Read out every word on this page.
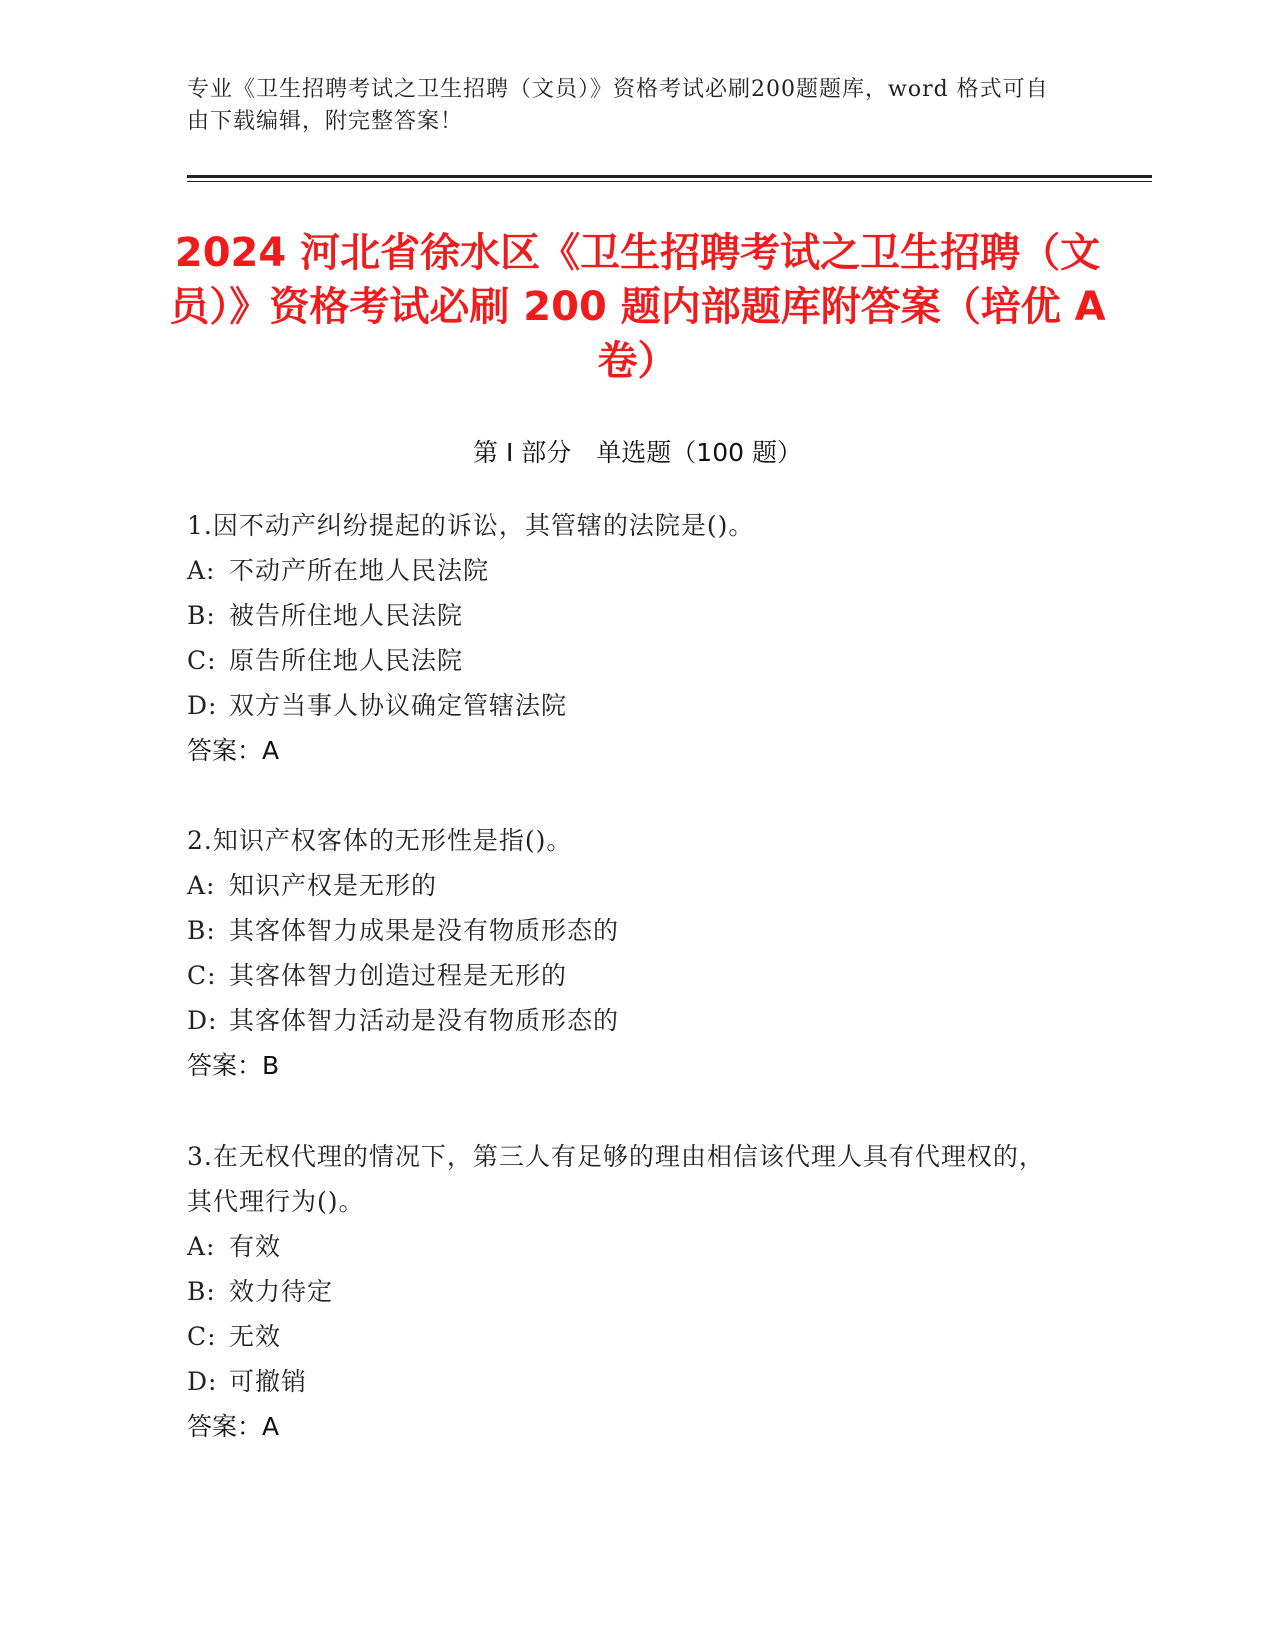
专业《卫生招聘考试之卫生招聘（文员）》资格考试必刷200题题库，word 格式可自由下载编辑，附完整答案！
2024 河北省徐水区《卫生招聘考试之卫生招聘（文员）》资格考试必刷 200 题内部题库附答案（培优 A 卷）
第 I 部分　单选题（100 题）
1.因不动产纠纷提起的诉讼，其管辖的法院是()。
A: 不动产所在地人民法院
B: 被告所住地人民法院
C: 原告所住地人民法院
D: 双方当事人协议确定管辖法院
答案：A
2.知识产权客体的无形性是指()。
A: 知识产权是无形的
B: 其客体智力成果是没有物质形态的
C: 其客体智力创造过程是无形的
D: 其客体智力活动是没有物质形态的
答案：B
3.在无权代理的情况下，第三人有足够的理由相信该代理人具有代理权的，其代理行为()。
A: 有效
B: 效力待定
C: 无效
D: 可撤销
答案：A
